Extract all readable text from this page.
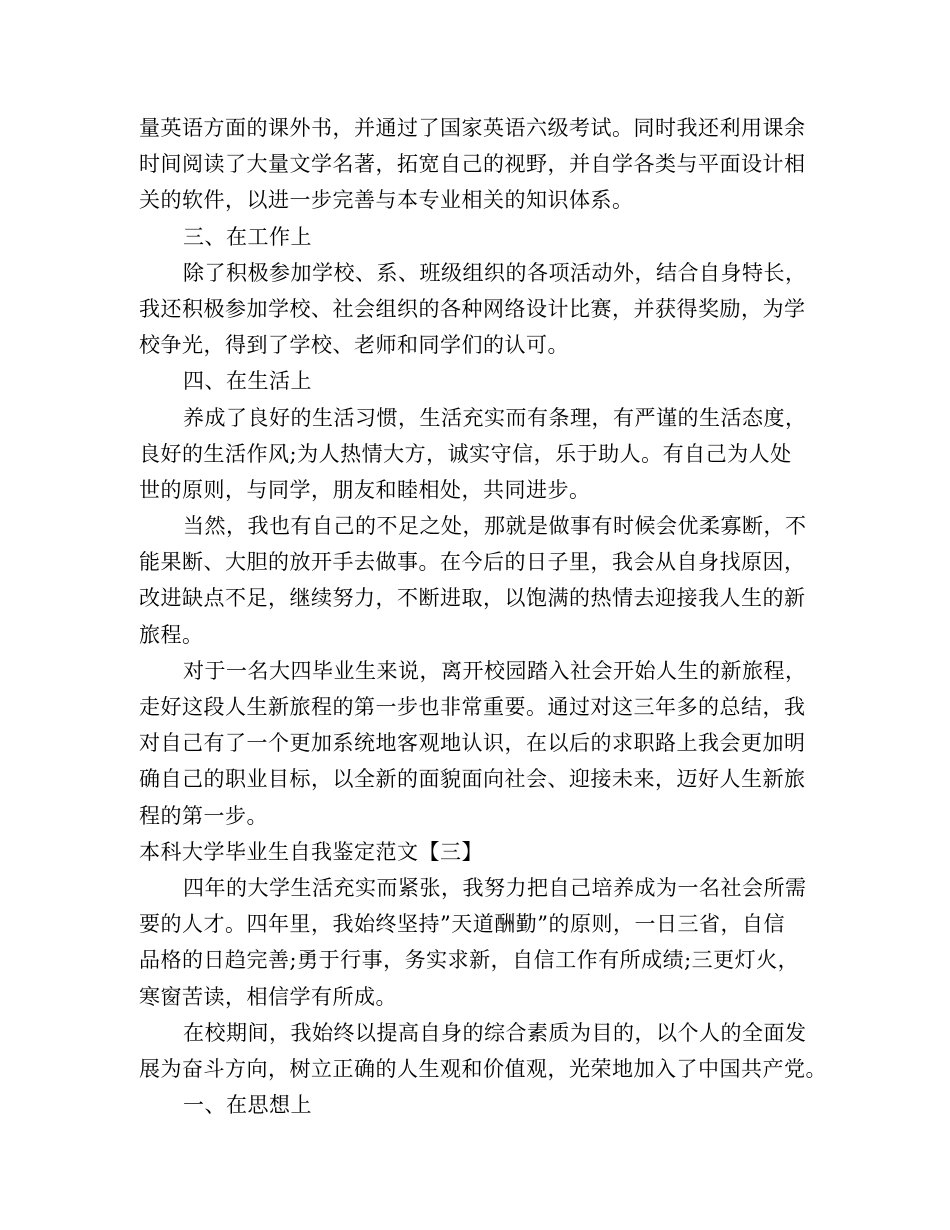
量英语方面的课外书，并通过了国家英语六级考试。同时我还利用课余
时间阅读了大量文学名著，拓宽自己的视野，并自学各类与平面设计相
关的软件，以进一步完善与本专业相关的知识体系。
三、在工作上
除了积极参加学校、系、班级组织的各项活动外，结合自身特长，
我还积极参加学校、社会组织的各种网络设计比赛，并获得奖励，为学
校争光，得到了学校、老师和同学们的认可。
四、在生活上
养成了良好的生活习惯，生活充实而有条理，有严谨的生活态度，
良好的生活作风;为人热情大方，诚实守信，乐于助人。有自己为人处
世的原则，与同学，朋友和睦相处，共同进步。
当然，我也有自己的不足之处，那就是做事有时候会优柔寡断，不
能果断、大胆的放开手去做事。在今后的日子里，我会从自身找原因，
改进缺点不足，继续努力，不断进取，以饱满的热情去迎接我人生的新
旅程。
对于一名大四毕业生来说，离开校园踏入社会开始人生的新旅程，
走好这段人生新旅程的第一步也非常重要。通过对这三年多的总结，我
对自己有了一个更加系统地客观地认识，在以后的求职路上我会更加明
确自己的职业目标，以全新的面貌面向社会、迎接未来，迈好人生新旅
程的第一步。
本科大学毕业生自我鉴定范文【三】
四年的大学生活充实而紧张，我努力把自己培养成为一名社会所需
要的人才。四年里，我始终坚持”天道酬勤”的原则，一日三省，自信
品格的日趋完善;勇于行事，务实求新，自信工作有所成绩;三更灯火，
寒窗苦读，相信学有所成。
在校期间，我始终以提高自身的综合素质为目的，以个人的全面发
展为奋斗方向，树立正确的人生观和价值观，光荣地加入了中国共产党。
一、在思想上
